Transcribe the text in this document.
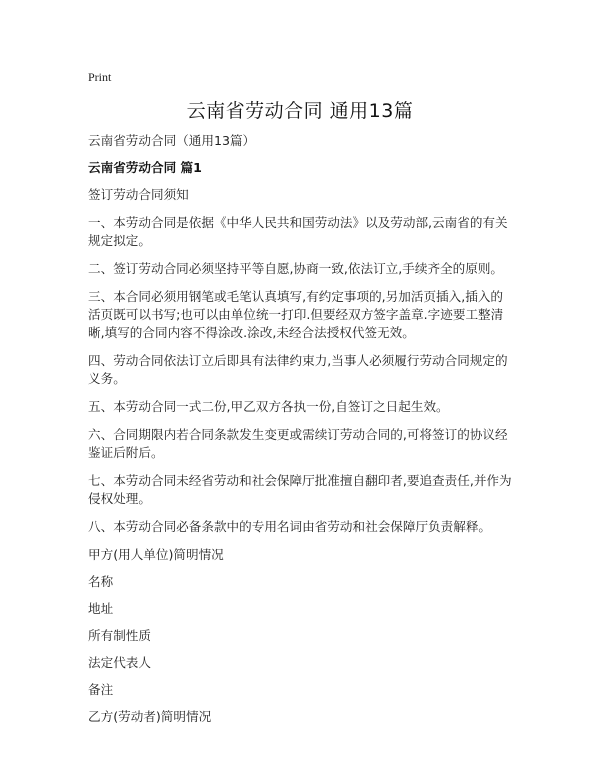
Print
云南省劳动合同 通用13篇

云南省劳动合同（通用13篇）

云南省劳动合同 篇1

签订劳动合同须知

一、本劳动合同是依据《中华人民共和国劳动法》以及劳动部,云南省的有关规定拟定。

二、签订劳动合同必须坚持平等自愿,协商一致,依法订立,手续齐全的原则。

三、本合同必须用钢笔或毛笔认真填写,有约定事项的,另加活页插入,插入的活页既可以书写;也可以由单位统一打印.但要经双方签字盖章.字迹要工整清晰,填写的合同内容不得涂改.涂改,未经合法授权代签无效。

四、劳动合同依法订立后即具有法律约束力,当事人必须履行劳动合同规定的义务。

五、本劳动合同一式二份,甲乙双方各执一份,自签订之日起生效。

六、合同期限内若合同条款发生变更或需续订劳动合同的,可将签订的协议经鉴证后附后。

七、本劳动合同未经省劳动和社会保障厅批准擅自翻印者,要追查责任,并作为侵权处理。

八、本劳动合同必备条款中的专用名词由省劳动和社会保障厅负责解释。

甲方(用人单位)简明情况

名称

地址

所有制性质

法定代表人

备注

乙方(劳动者)简明情况
